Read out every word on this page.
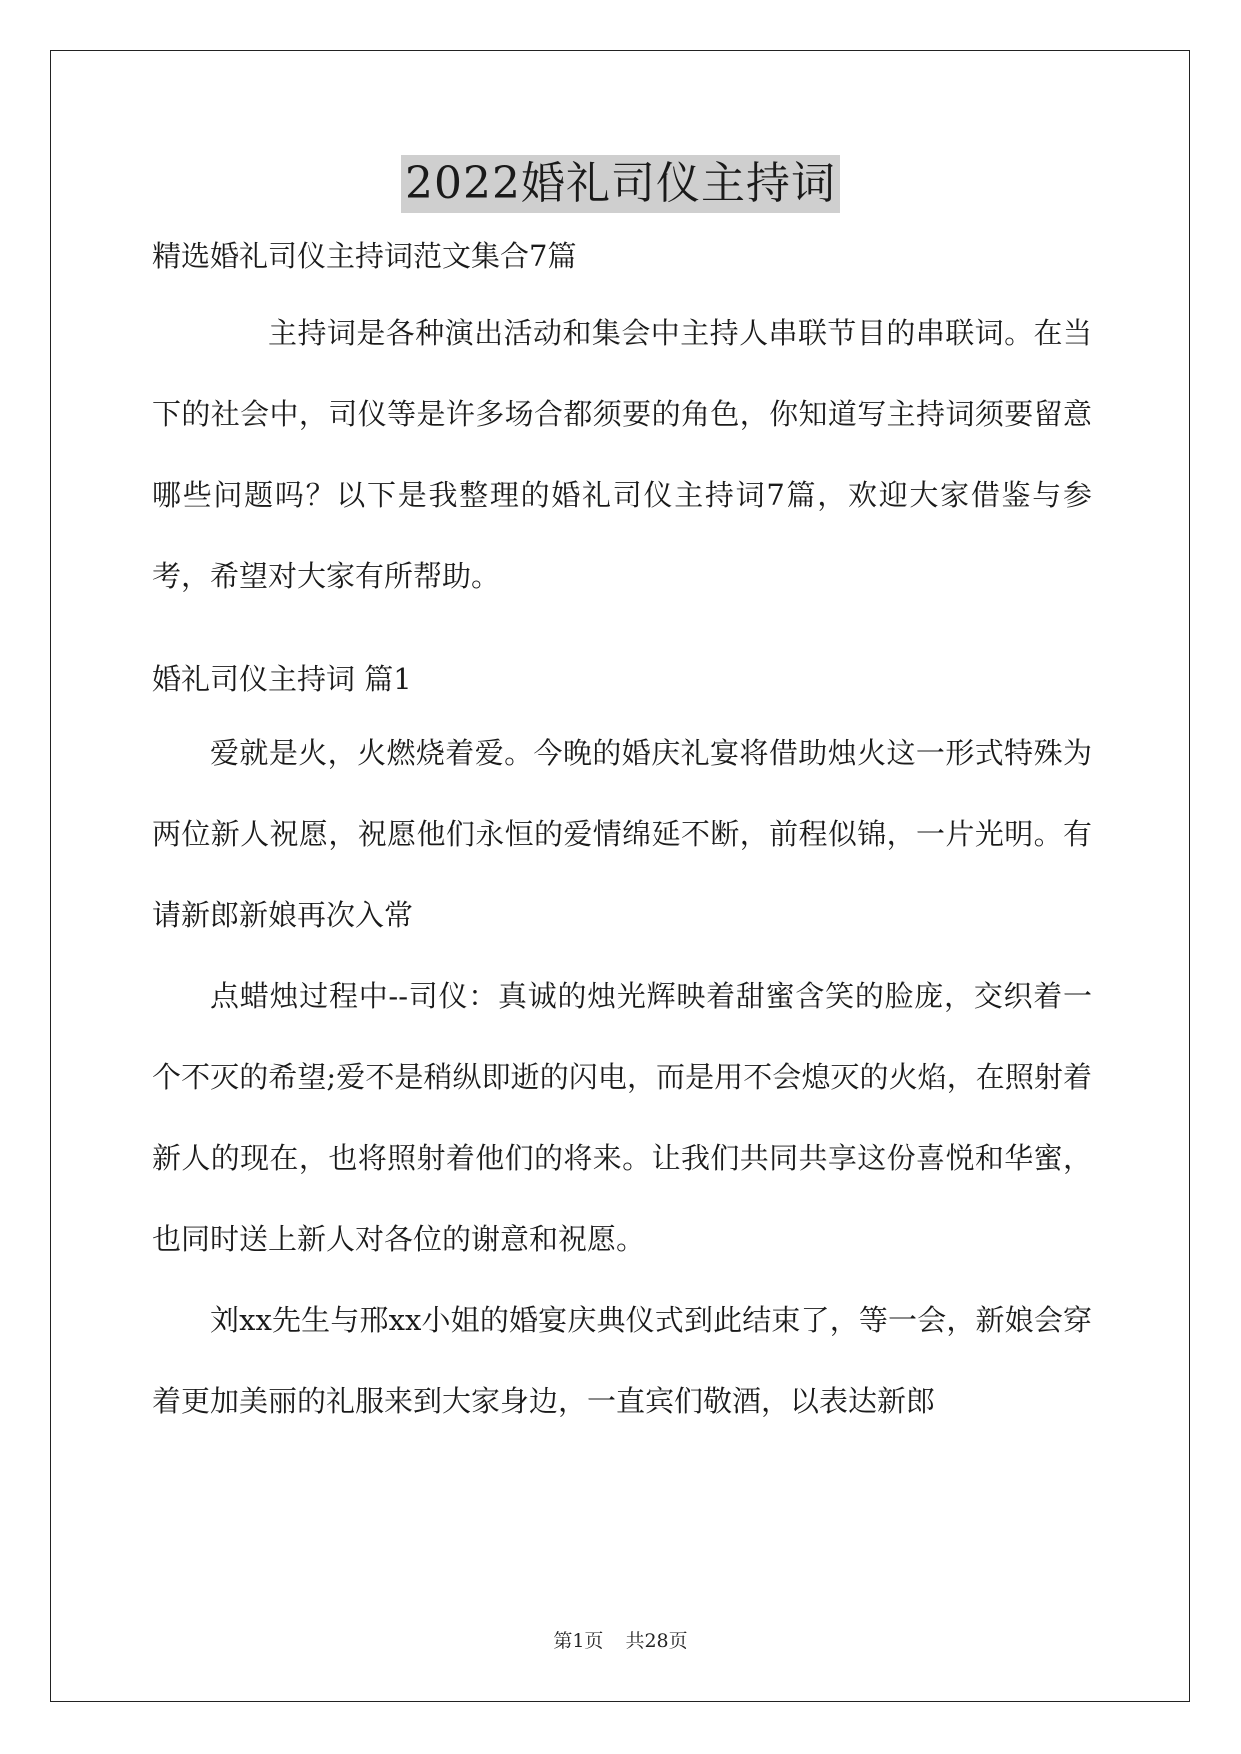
2022婚礼司仪主持词

精选婚礼司仪主持词范文集合7篇

主持词是各种演出活动和集会中主持人串联节目的串联词。在当下的社会中，司仪等是许多场合都须要的角色，你知道写主持词须要留意哪些问题吗？以下是我整理的婚礼司仪主持词7篇，欢迎大家借鉴与参考，希望对大家有所帮助。

婚礼司仪主持词 篇1

爱就是火，火燃烧着爱。今晚的婚庆礼宴将借助烛火这一形式特殊为两位新人祝愿，祝愿他们永恒的爱情绵延不断，前程似锦，一片光明。有请新郎新娘再次入常

点蜡烛过程中--司仪：真诚的烛光辉映着甜蜜含笑的脸庞，交织着一个不灭的希望;爱不是稍纵即逝的闪电，而是用不会熄灭的火焰，在照射着新人的现在，也将照射着他们的将来。让我们共同共享这份喜悦和华蜜，也同时送上新人对各位的谢意和祝愿。

刘xx先生与邢xx小姐的婚宴庆典仪式到此结束了，等一会，新娘会穿着更加美丽的礼服来到大家身边，一直宾们敬酒，以表达新郎

第1页 共28页
